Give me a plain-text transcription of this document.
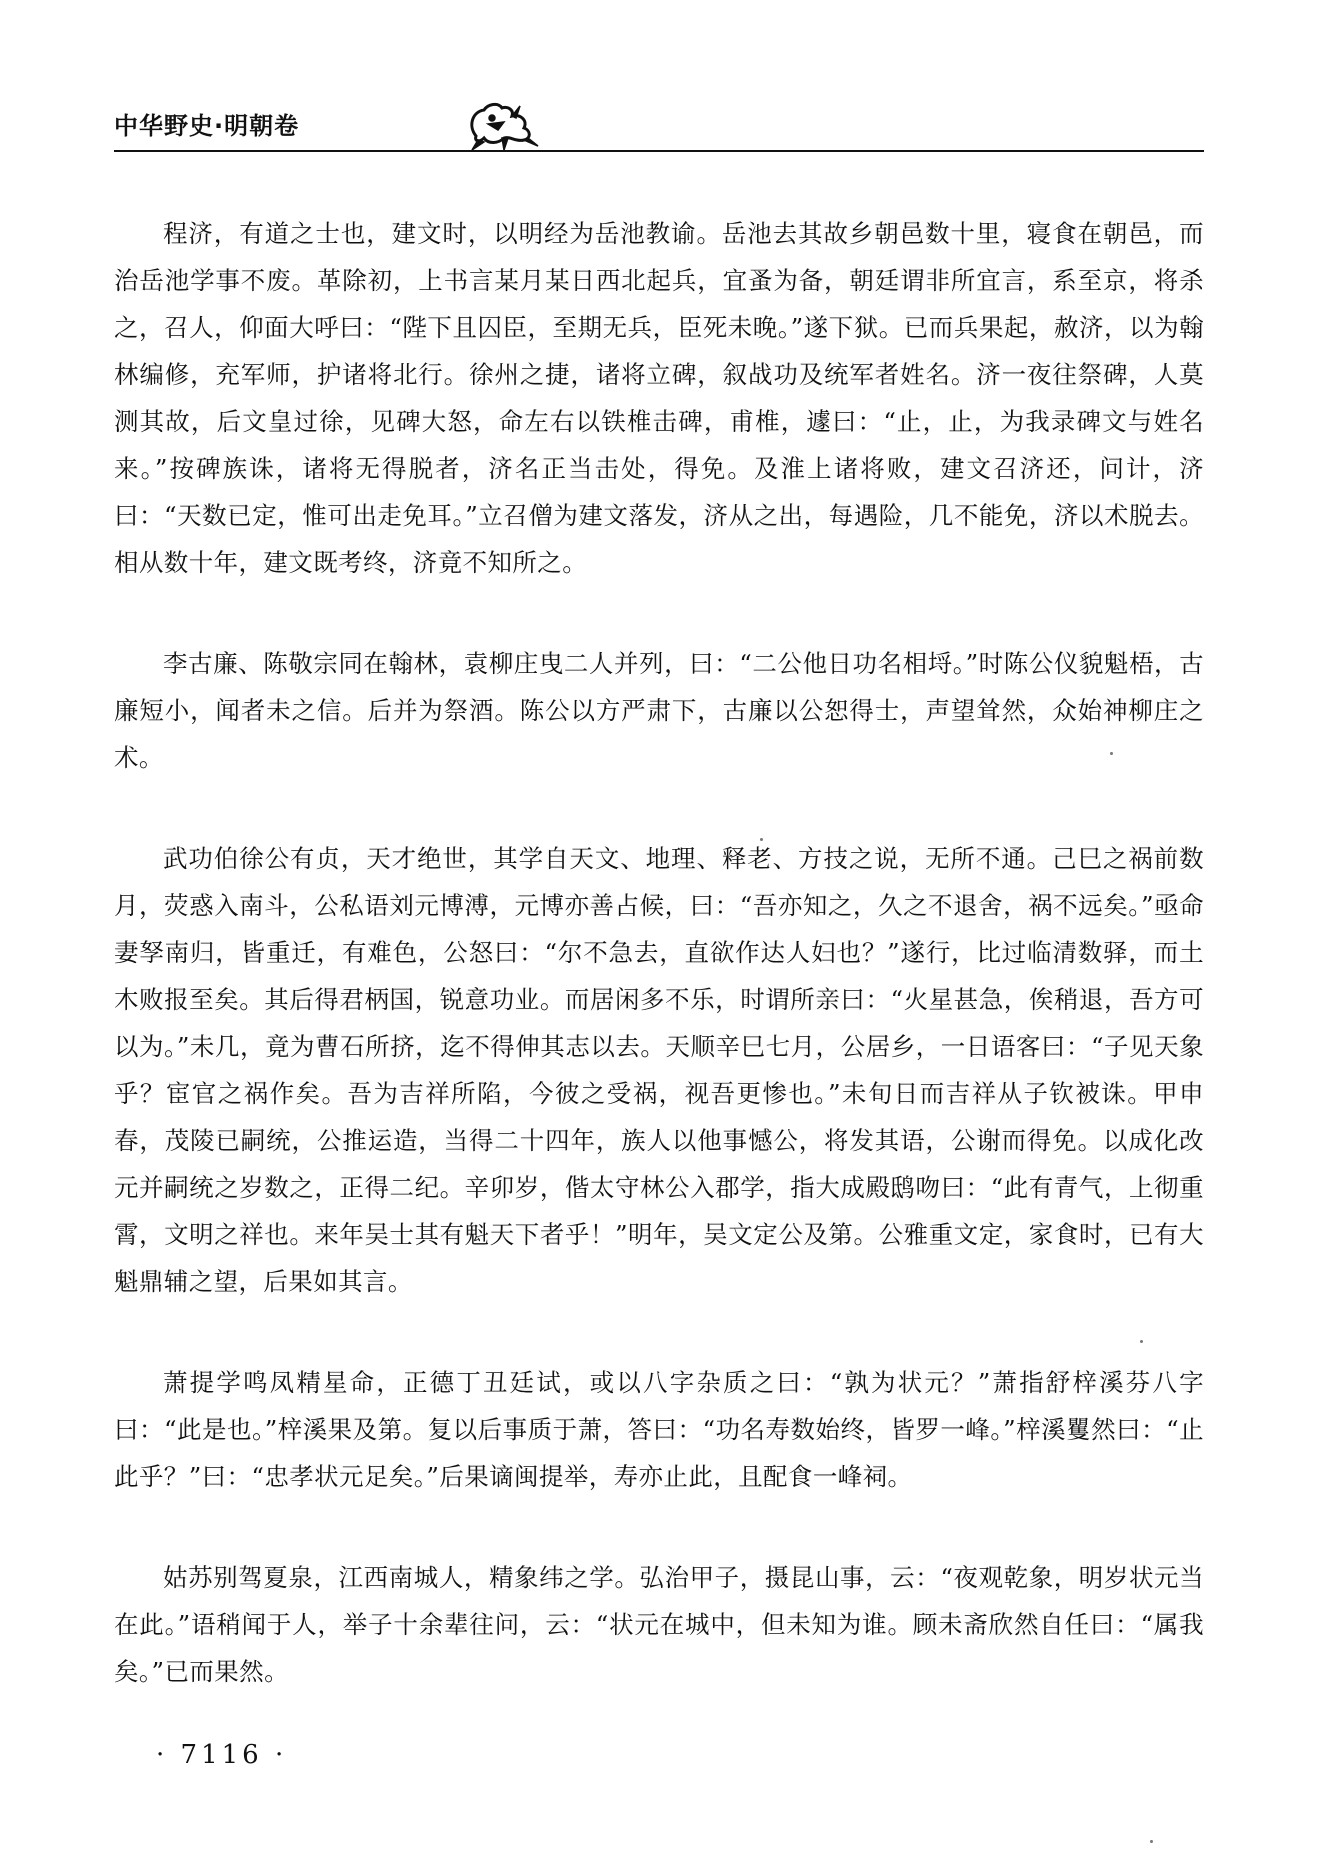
中华野史·明朝卷

程济，有道之士也，建文时，以明经为岳池教谕。岳池去其故乡朝邑数十里，寝食在朝邑，而治岳池学事不废。革除初，上书言某月某日西北起兵，宜蚤为备，朝廷谓非所宜言，系至京，将杀之，召人，仰面大呼曰：“陛下且囚臣，至期无兵，臣死未晚。”遂下狱。已而兵果起，赦济，以为翰林编修，充军师，护诸将北行。徐州之捷，诸将立碑，叙战功及统军者姓名。济一夜往祭碑，人莫测其故，后文皇过徐，见碑大怒，命左右以铁椎击碑，甫椎，遽曰：“止，止，为我录碑文与姓名来。”按碑族诛，诸将无得脱者，济名正当击处，得免。及淮上诸将败，建文召济还，问计，济曰：“天数已定，惟可出走免耳。”立召僧为建文落发，济从之出，每遇险，几不能免，济以术脱去。相从数十年，建文既考终，济竟不知所之。

李古廉、陈敬宗同在翰林，袁柳庄曳二人并列，曰：“二公他日功名相埒。”时陈公仪貌魁梧，古廉短小，闻者未之信。后并为祭酒。陈公以方严肃下，古廉以公恕得士，声望耸然，众始神柳庄之术。

武功伯徐公有贞，天才绝世，其学自天文、地理、释老、方技之说，无所不通。己巳之祸前数月，荧惑入南斗，公私语刘元博溥，元博亦善占候，曰：“吾亦知之，久之不退舍，祸不远矣。”亟命妻孥南归，皆重迁，有难色，公怒曰：“尔不急去，直欲作达人妇也？”遂行，比过临清数驿，而土木败报至矣。其后得君柄国，锐意功业。而居闲多不乐，时谓所亲曰：“火星甚急，俟稍退，吾方可以为。”未几，竟为曹石所挤，迄不得伸其志以去。天顺辛巳七月，公居乡，一日语客曰：“子见天象乎？宦官之祸作矣。吾为吉祥所陷，今彼之受祸，视吾更惨也。”未旬日而吉祥从子钦被诛。甲申春，茂陵已嗣统，公推运造，当得二十四年，族人以他事憾公，将发其语，公谢而得免。以成化改元并嗣统之岁数之，正得二纪。辛卯岁，偕太守林公入郡学，指大成殿鸱吻曰：“此有青气，上彻重霄，文明之祥也。来年吴士其有魁天下者乎！”明年，吴文定公及第。公雅重文定，家食时，已有大魁鼎辅之望，后果如其言。

萧提学鸣凤精星命，正德丁丑廷试，或以八字杂质之曰：“孰为状元？”萧指舒梓溪芬八字曰：“此是也。”梓溪果及第。复以后事质于萧，答曰：“功名寿数始终，皆罗一峰。”梓溪矍然曰：“止此乎？”曰：“忠孝状元足矣。”后果谪闽提举，寿亦止此，且配食一峰祠。

姑苏别驾夏泉，江西南城人，精象纬之学。弘治甲子，摄昆山事，云：“夜观乾象，明岁状元当在此。”语稍闻于人，举子十余辈往问，云：“状元在城中，但未知为谁。顾未斋欣然自任曰：“属我矣。”已而果然。

· 7116 ·
